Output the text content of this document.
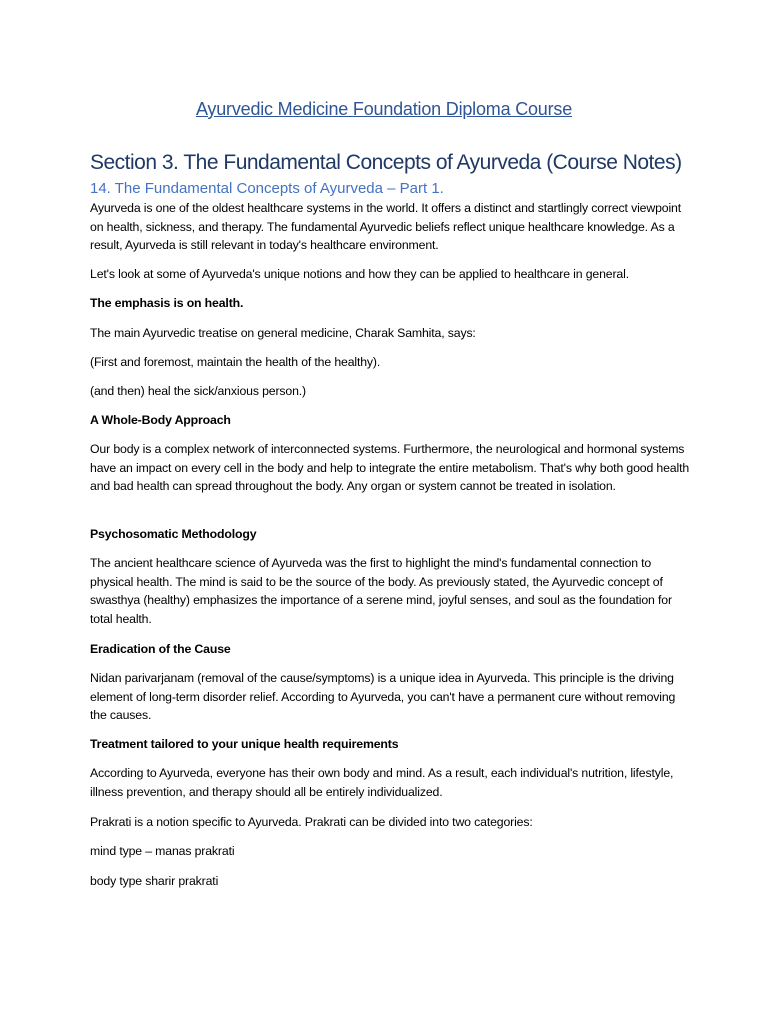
Ayurvedic Medicine Foundation Diploma Course
Section 3. The Fundamental Concepts of Ayurveda (Course Notes)
14. The Fundamental Concepts of Ayurveda – Part 1.
Ayurveda is one of the oldest healthcare systems in the world. It offers a distinct and startlingly correct viewpoint on health, sickness, and therapy. The fundamental Ayurvedic beliefs reflect unique healthcare knowledge. As a result, Ayurveda is still relevant in today's healthcare environment.
Let's look at some of Ayurveda's unique notions and how they can be applied to healthcare in general.
The emphasis is on health.
The main Ayurvedic treatise on general medicine, Charak Samhita, says:
(First and foremost, maintain the health of the healthy).
(and then) heal the sick/anxious person.)
A Whole-Body Approach
Our body is a complex network of interconnected systems. Furthermore, the neurological and hormonal systems have an impact on every cell in the body and help to integrate the entire metabolism. That's why both good health and bad health can spread throughout the body. Any organ or system cannot be treated in isolation.
Psychosomatic Methodology
The ancient healthcare science of Ayurveda was the first to highlight the mind's fundamental connection to physical health. The mind is said to be the source of the body. As previously stated, the Ayurvedic concept of swasthya (healthy) emphasizes the importance of a serene mind, joyful senses, and soul as the foundation for total health.
Eradication of the Cause
Nidan parivarjanam (removal of the cause/symptoms) is a unique idea in Ayurveda. This principle is the driving element of long-term disorder relief. According to Ayurveda, you can't have a permanent cure without removing the causes.
Treatment tailored to your unique health requirements
According to Ayurveda, everyone has their own body and mind. As a result, each individual's nutrition, lifestyle, illness prevention, and therapy should all be entirely individualized.
Prakrati is a notion specific to Ayurveda. Prakrati can be divided into two categories:
mind type – manas prakrati
body type sharir prakrati
